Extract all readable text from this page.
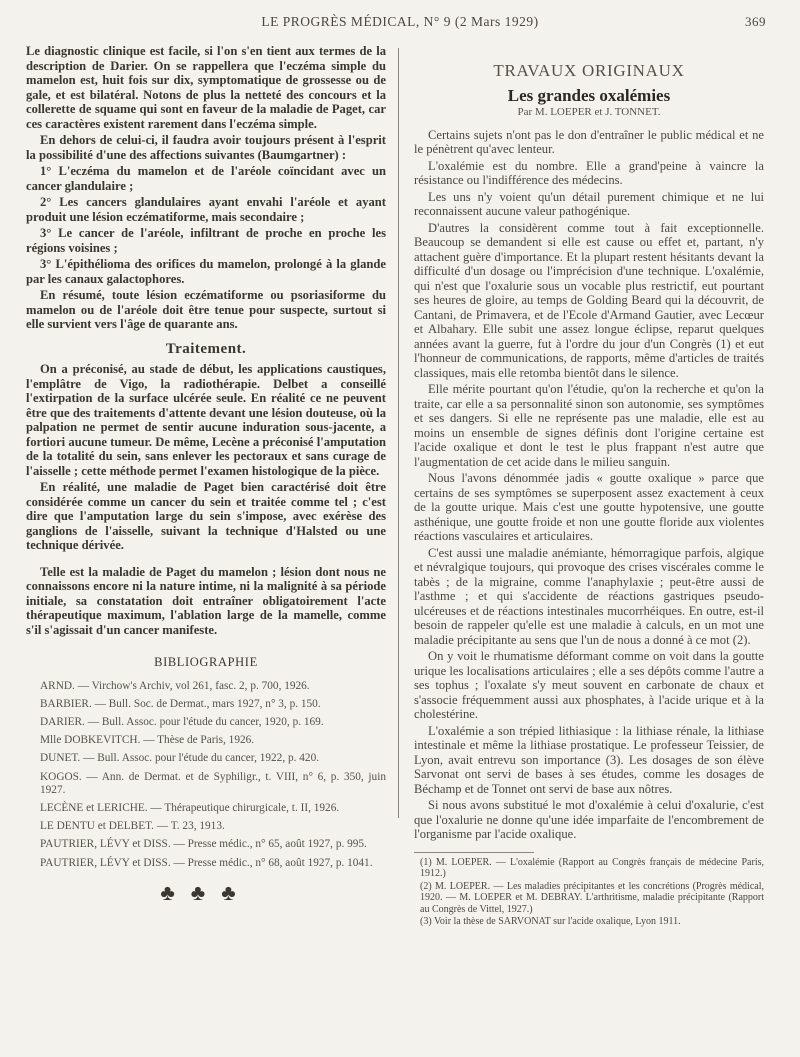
LE PROGRÈS MÉDICAL, N° 9 (2 Mars 1929)	369

Le diagnostic clinique est facile, si l'on s'en tient aux termes de la description de Darier. On se rappellera que l'eczéma simple du mamelon est, huit fois sur dix, symptomatique de grossesse ou de gale, et est bilatéral. Notons de plus la netteté des concours et la collerette de squame qui sont en faveur de la maladie de Paget, car ces caractères existent rarement dans l'eczéma simple.

En dehors de celui-ci, il faudra avoir toujours présent à l'esprit la possibilité d'une des affections suivantes (Baumgartner) :

1° L'eczéma du mamelon et de l'aréole coïncidant avec un cancer glandulaire ;

2° Les cancers glandulaires ayant envahi l'aréole et ayant produit une lésion eczématiforme, mais secondaire ;

3° Le cancer de l'aréole, infiltrant de proche en proche les régions voisines ;

3° L'épithélioma des orifices du mamelon, prolongé à la glande par les canaux galactophores.

En résumé, toute lésion eczématiforme ou psoriasiforme du mamelon ou de l'aréole doit être tenue pour suspecte, surtout si elle survient vers l'âge de quarante ans.

Traitement.

On a préconisé, au stade de début, les applications caustiques, l'emplâtre de Vigo, la radiothérapie. Delbet a conseillé l'extirpation de la surface ulcérée seule. En réalité ce ne peuvent être que des traitements d'attente devant une lésion douteuse, où la palpation ne permet de sentir aucune induration sous-jacente, a fortiori aucune tumeur. De même, Lecène a préconisé l'amputation de la totalité du sein, sans enlever les pectoraux et sans curage de l'aisselle ; cette méthode permet l'examen histologique de la pièce.

En réalité, une maladie de Paget bien caractérisé doit être considérée comme un cancer du sein et traitée comme tel ; c'est dire que l'amputation large du sein s'impose, avec exérèse des ganglions de l'aisselle, suivant la technique d'Halsted ou une technique dérivée.

Telle est la maladie de Paget du mamelon ; lésion dont nous ne connaissons encore ni la nature intime, ni la malignité à sa période initiale, sa constatation doit entraîner obligatoirement l'acte thérapeutique maximum, l'ablation large de la mamelle, comme s'il s'agissait d'un cancer manifeste.

BIBLIOGRAPHIE

ARND. — Virchow's Archiv, vol 261, fasc. 2, p. 700, 1926.

BARBIER. — Bull. Soc. de Dermat., mars 1927, n° 3, p. 150.

DARIER. — Bull. Assoc. pour l'étude du cancer, 1920, p. 169.

Mlle DOBKEVITCH. — Thèse de Paris, 1926.

DUNET. — Bull. Assoc. pour l'étude du cancer, 1922, p. 420.

KOGOS. — Ann. de Dermat. et de Syphiligr., t. VIII, n° 6, p. 350, juin 1927.

LECÈNE et LERICHE. — Thérapeutique chirurgicale, t. II, 1926.

LE DENTU et DELBET. — T. 23, 1913.

PAUTRIER, LÉVY et DISS. — Presse médic., n° 65, août 1927, p. 995.

PAUTRIER, LÉVY et DISS. — Presse médic., n° 68, août 1927, p. 1041.

♣♣♣
TRAVAUX ORIGINAUX
Les grandes oxalémies
Par M. LOEPER et J. TONNET.

Certains sujets n'ont pas le don d'entraîner le public médical et ne le pénètrent qu'avec lenteur.

L'oxalémie est du nombre. Elle a grand'peine à vaincre la résistance ou l'indifférence des médecins.

Les uns n'y voient qu'un détail purement chimique et ne lui reconnaissent aucune valeur pathogénique.

D'autres la considèrent comme tout à fait exceptionnelle. Beaucoup se demandent si elle est cause ou effet et, partant, n'y attachent guère d'importance. Et la plupart restent hésitants devant la difficulté d'un dosage ou l'imprécision d'une technique. L'oxalémie, qui n'est que l'oxalurie sous un vocable plus restrictif, eut pourtant ses heures de gloire, au temps de Golding Beard qui la découvrit, de Cantani, de Primavera, et de l'Ecole d'Armand Gautier, avec Lecœur et Albahary. Elle subit une assez longue éclipse, reparut quelques années avant la guerre, fut à l'ordre du jour d'un Congrès (1) et eut l'honneur de communications, de rapports, même d'articles de traités classiques, mais elle retomba bientôt dans le silence.

Elle mérite pourtant qu'on l'étudie, qu'on la recherche et qu'on la traite, car elle a sa personnalité sinon son autonomie, ses symptômes et ses dangers. Si elle ne représente pas une maladie, elle est au moins un ensemble de signes définis dont l'origine certaine est l'acide oxalique et dont le test le plus frappant n'est autre que l'augmentation de cet acide dans le milieu sanguin.

Nous l'avons dénommée jadis « goutte oxalique » parce que certains de ses symptômes se superposent assez exactement à ceux de la goutte urique. Mais c'est une goutte hypotensive, une goutte asthénique, une goutte froide et non une goutte floride aux violentes réactions vasculaires et articulaires.

C'est aussi une maladie anémiante, hémorragique parfois, algique et névralgique toujours, qui provoque des crises viscérales comme le tabès ; de la migraine, comme l'anaphylaxie ; peut-être aussi de l'asthme ; et qui s'accidente de réactions gastriques pseudo-ulcéreuses et de réactions intestinales mucorrhéiques. En outre, est-il besoin de rappeler qu'elle est une maladie à calculs, en un mot une maladie précipitante au sens que l'un de nous a donné à ce mot (2).

On y voit le rhumatisme déformant comme on voit dans la goutte urique les localisations articulaires ; elle a ses dépôts comme l'autre a ses tophus ; l'oxalate s'y meut souvent en carbonate de chaux et s'associe fréquemment aussi aux phosphates, à l'acide urique et à la cholestérine.

L'oxalémie a son trépied lithiasique : la lithiase rénale, la lithiase intestinale et même la lithiase prostatique. Le professeur Teissier, de Lyon, avait entrevu son importance (3). Les dosages de son élève Sarvonat ont servi de bases à ses études, comme les dosages de Béchamp et de Tonnet ont servi de base aux nôtres.

Si nous avons substitué le mot d'oxalémie à celui d'oxalurie, c'est que l'oxalurie ne donne qu'une idée imparfaite de l'encombrement de l'organisme par l'acide oxalique.

(1) M. LOEPER. — L'oxalémie (Rapport au Congrès français de médecine Paris, 1912.)

(2) M. LOEPER. — Les maladies précipitantes et les concrétions (Progrès médical, 1920. — M. LOEPER et M. DEBRAY. L'arthritisme, maladie précipitante (Rapport au Congrès de Vittel, 1927.)

(3) Voir la thèse de SARVONAT sur l'acide oxalique, Lyon 1911.
